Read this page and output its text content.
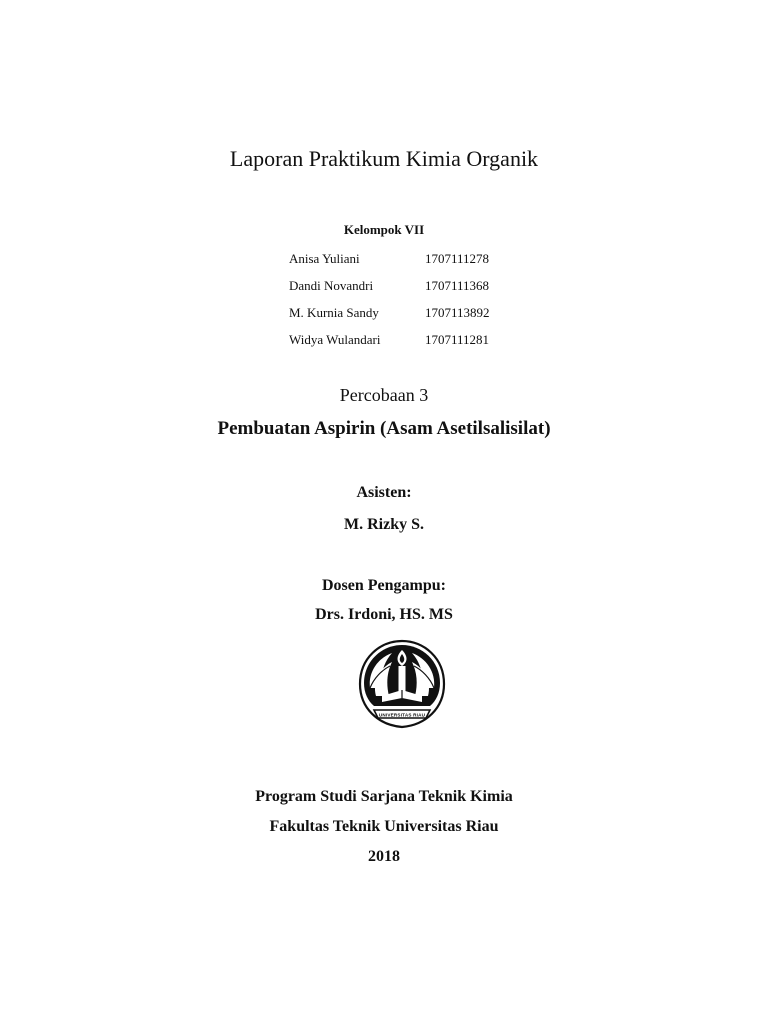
Laporan Praktikum Kimia Organik

Kelompok VII

Anisa Yuliani	1707111278
Dandi Novandri	1707111368
M. Kurnia Sandy	1707113892
Widya Wulandari	1707111281

Percobaan 3

Pembuatan Aspirin (Asam Asetilsalisilat)

Asisten:

M. Rizky S.

Dosen Pengampu:

Drs. Irdoni, HS. MS

UNIVERSITAS RIAU

Program Studi Sarjana Teknik Kimia

Fakultas Teknik Universitas Riau

2018
